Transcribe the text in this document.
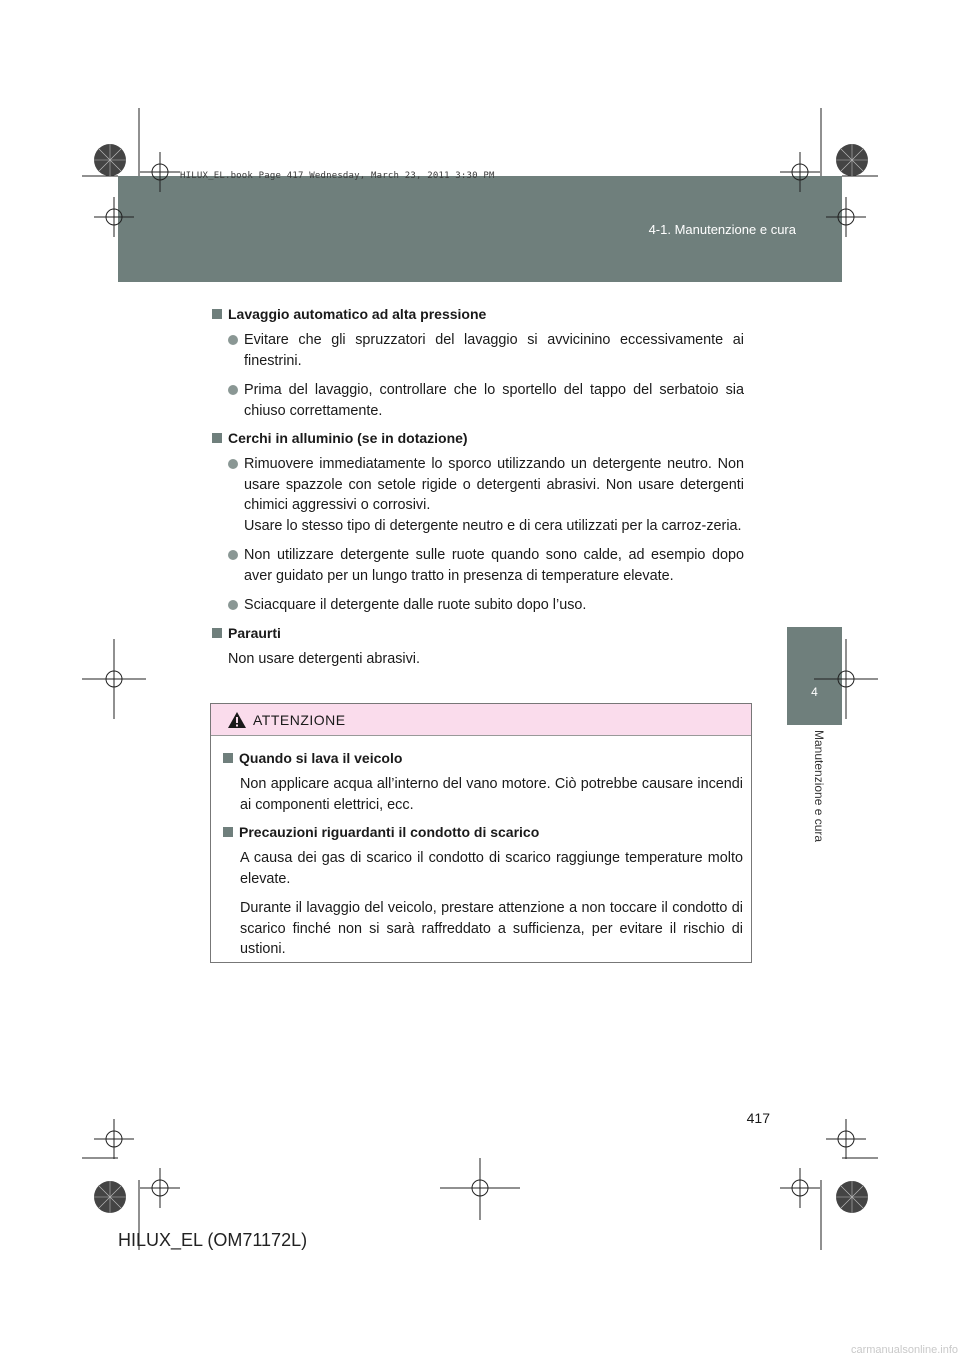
HILUX_EL.book Page 417 Wednesday, March 23, 2011 3:30 PM
4-1. Manutenzione e cura
4
Manutenzione e cura
Lavaggio automatico ad alta pressione

Evitare che gli spruzzatori del lavaggio si avvicinino eccessivamente ai finestrini.

Prima del lavaggio, controllare che lo sportello del tappo del serbatoio sia chiuso correttamente.

Cerchi in alluminio (se in dotazione)

Rimuovere immediatamente lo sporco utilizzando un detergente neutro. Non usare spazzole con setole rigide o detergenti abrasivi. Non usare detergenti chimici aggressivi o corrosivi.

Usare lo stesso tipo di detergente neutro e di cera utilizzati per la carroz-zeria.

Non utilizzare detergente sulle ruote quando sono calde, ad esempio dopo aver guidato per un lungo tratto in presenza di temperature elevate.

Sciacquare il detergente dalle ruote subito dopo l’uso.

Paraurti
Non usare detergenti abrasivi.
ATTENZIONE
Quando si lava il veicolo
Non applicare acqua all’interno del vano motore. Ciò potrebbe causare incendi ai componenti elettrici, ecc.
Precauzioni riguardanti il condotto di scarico
A causa dei gas di scarico il condotto di scarico raggiunge temperature molto elevate.
Durante il lavaggio del veicolo, prestare attenzione a non toccare il condotto di scarico finché non si sarà raffreddato a sufficienza, per evitare il rischio di ustioni.
417
HILUX_EL (OM71172L)
carmanualsonline.info
